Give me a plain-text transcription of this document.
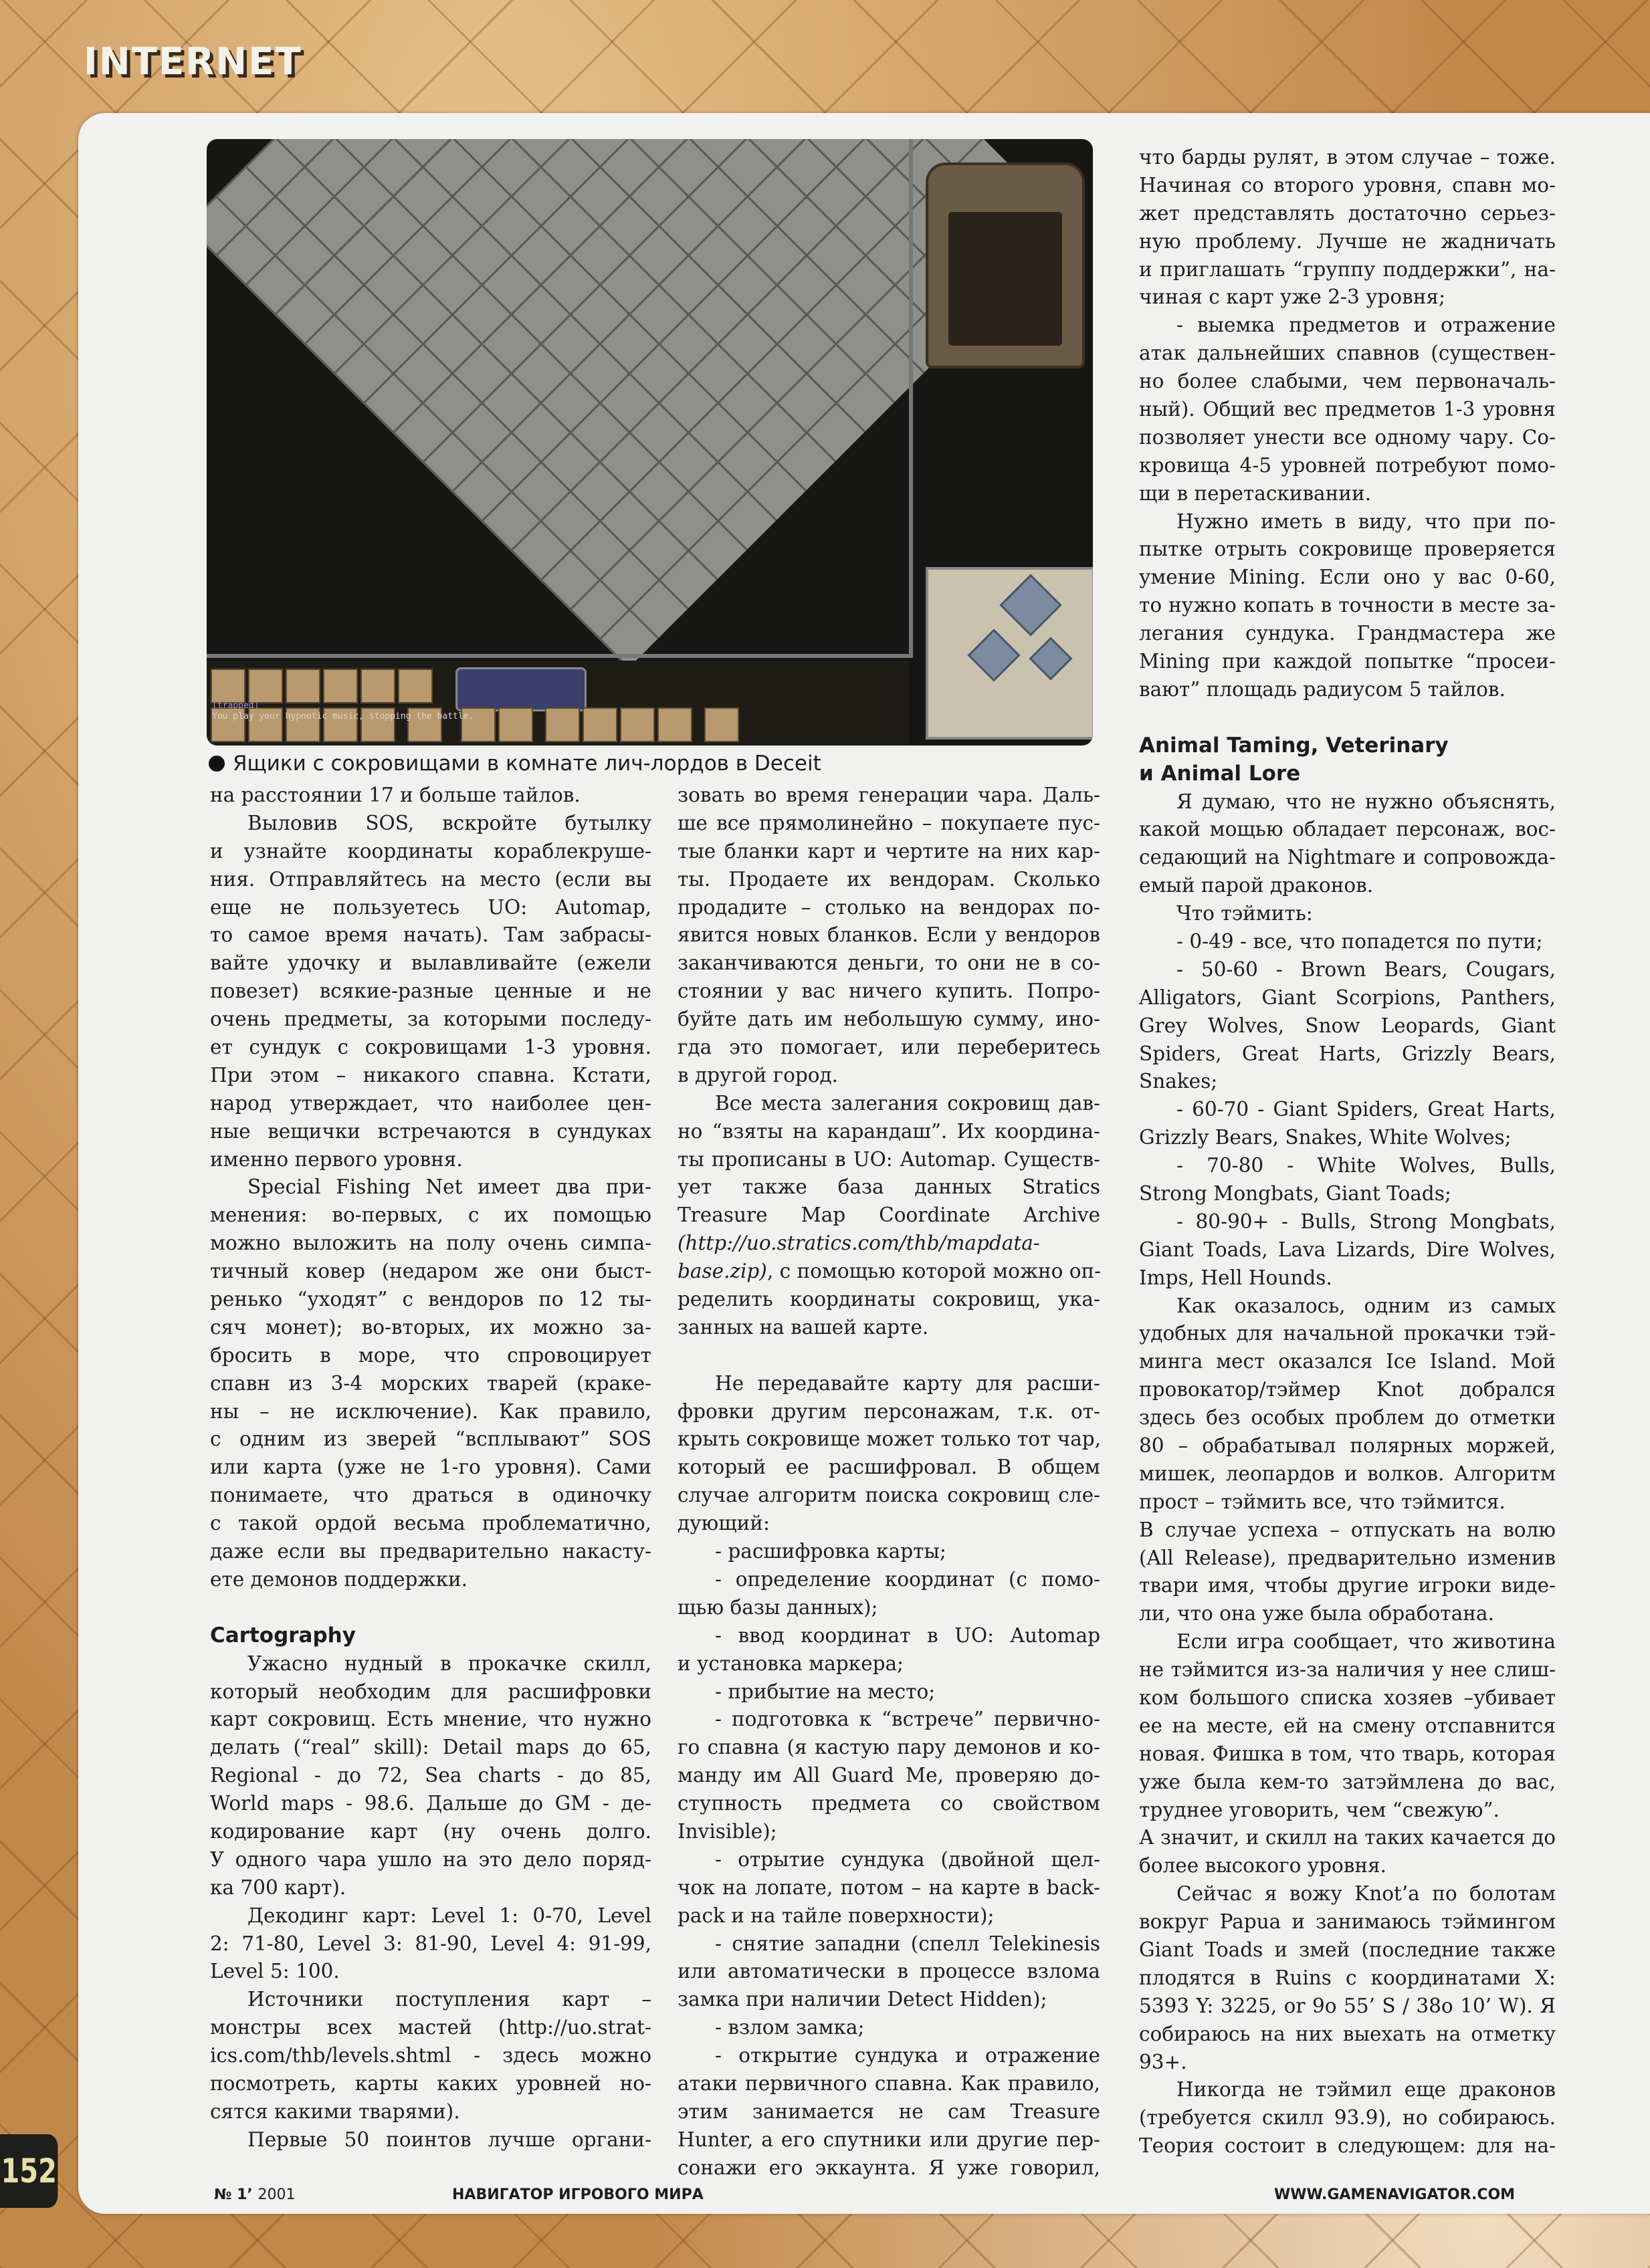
INTERNET
[trapped]
You play your hypnotic music, stopping the battle.
Ящики с сокровищами в комнате лич-лордов в Deceit
на расстоянии 17 и больше тайлов.
Выловив SOS, вскройте бутылку
и узнайте координаты кораблекруше-
ния. Отправляйтесь на место (если вы
еще не пользуетесь UO: Automap,
то самое время начать). Там забрасы-
вайте удочку и вылавливайте (ежели
повезет) всякие-разные ценные и не
очень предметы, за которыми последу-
ет сундук с сокровищами 1-3 уровня.
При этом – никакого спавна. Кстати,
народ утверждает, что наиболее цен-
ные вещички встречаются в сундуках
именно первого уровня.
Special Fishing Net имеет два при-
менения: во-первых, с их помощью
можно выложить на полу очень симпа-
тичный ковер (недаром же они быст-
ренько “уходят” с вендоров по 12 ты-
сяч монет); во-вторых, их можно за-
бросить в море, что спровоцирует
спавн из 3-4 морских тварей (краке-
ны – не исключение). Как правило,
с одним из зверей “всплывают” SOS
или карта (уже не 1-го уровня). Сами
понимаете, что драться в одиночку
с такой ордой весьма проблематично,
даже если вы предварительно накасту-
ете демонов поддержки.
Cartography
Ужасно нудный в прокачке скилл,
который необходим для расшифровки
карт сокровищ. Есть мнение, что нужно
делать (“real” skill): Detail maps до 65,
Regional - до 72, Sea charts - до 85,
World maps - 98.6. Дальше до GM - де-
кодирование карт (ну очень долго.
У одного чара ушло на это дело поряд-
ка 700 карт).
Декодинг карт: Level 1: 0-70, Level
2: 71-80, Level 3: 81-90, Level 4: 91-99,
Level 5: 100.
Источники поступления карт –
монстры всех мастей (http://uo.strat-
ics.com/thb/levels.shtml - здесь можно
посмотреть, карты каких уровней но-
сятся какими тварями).
Первые 50 поинтов лучше органи-
зовать во время генерации чара. Даль-
ше все прямолинейно – покупаете пус-
тые бланки карт и чертите на них кар-
ты. Продаете их вендорам. Сколько
продадите – столько на вендорах по-
явится новых бланков. Если у вендоров
заканчиваются деньги, то они не в со-
стоянии у вас ничего купить. Попро-
буйте дать им небольшую сумму, ино-
гда это помогает, или переберитесь
в другой город.
Все места залегания сокровищ дав-
но “взяты на карандаш”. Их координа-
ты прописаны в UO: Automap. Существ-
ует также база данных Stratics
Treasure Map Coordinate Archive
(http://uo.stratics.com/thb/mapdata-
base.zip), с помощью которой можно оп-
ределить координаты сокровищ, ука-
занных на вашей карте.
Не передавайте карту для расши-
фровки другим персонажам, т.к. от-
крыть сокровище может только тот чар,
который ее расшифровал. В общем
случае алгоритм поиска сокровищ сле-
дующий:
- расшифровка карты;
- определение координат (с помо-
щью базы данных);
- ввод координат в UO: Automap
и установка маркера;
- прибытие на место;
- подготовка к “встрече” первично-
го спавна (я кастую пару демонов и ко-
манду им All Guard Me, проверяю до-
ступность предмета со свойством
Invisible);
- отрытие сундука (двойной щел-
чок на лопате, потом – на карте в back-
pack и на тайле поверхности);
- снятие западни (спелл Telekinesis
или автоматически в процессе взлома
замка при наличии Detect Hidden);
- взлом замка;
- открытие сундука и отражение
атаки первичного спавна. Как правило,
этим занимается не сам Treasure
Hunter, а его спутники или другие пер-
сонажи его эккаунта. Я уже говорил,
что барды рулят, в этом случае – тоже.
Начиная со второго уровня, спавн мо-
жет представлять достаточно серьез-
ную проблему. Лучше не жадничать
и приглашать “группу поддержки”, на-
чиная с карт уже 2-3 уровня;
- выемка предметов и отражение
атак дальнейших спавнов (существен-
но более слабыми, чем первоначаль-
ный). Общий вес предметов 1-3 уровня
позволяет унести все одному чару. Со-
кровища 4-5 уровней потребуют помо-
щи в перетаскивании.
Нужно иметь в виду, что при по-
пытке отрыть сокровище проверяется
умение Mining. Если оно у вас 0-60,
то нужно копать в точности в месте за-
легания сундука. Грандмастера же
Mining при каждой попытке “просеи-
вают” площадь радиусом 5 тайлов.
Animal Taming, Veterinary
и Animal Lore
Я думаю, что не нужно объяснять,
какой мощью обладает персонаж, вос-
седающий на Nightmare и сопровожда-
емый парой драконов.
Что тэймить:
- 0-49 - все, что попадется по пути;
- 50-60 - Brown Bears, Cougars,
Alligators, Giant Scorpions, Panthers,
Grey Wolves, Snow Leopards, Giant
Spiders, Great Harts, Grizzly Bears,
Snakes;
- 60-70 - Giant Spiders, Great Harts,
Grizzly Bears, Snakes, White Wolves;
- 70-80 - White Wolves, Bulls,
Strong Mongbats, Giant Toads;
- 80-90+ - Bulls, Strong Mongbats,
Giant Toads, Lava Lizards, Dire Wolves,
Imps, Hell Hounds.
Как оказалось, одним из самых
удобных для начальной прокачки тэй-
минга мест оказался Ice Island. Мой
провокатор/тэймер Knot добрался
здесь без особых проблем до отметки
80 – обрабатывал полярных моржей,
мишек, леопардов и волков. Алгоритм
прост – тэймить все, что тэймится.
В случае успеха – отпускать на волю
(All Release), предварительно изменив
твари имя, чтобы другие игроки виде-
ли, что она уже была обработана.
Если игра сообщает, что животина
не тэймится из-за наличия у нее слиш-
ком большого списка хозяев –убивает
ее на месте, ей на смену отспавнится
новая. Фишка в том, что тварь, которая
уже была кем-то затэймлена до вас,
труднее уговорить, чем “свежую”.
А значит, и скилл на таких качается до
более высокого уровня.
Сейчас я вожу Knot’a по болотам
вокруг Papua и занимаюсь тэймингом
Giant Toads и змей (последние также
плодятся в Ruins с координатами X:
5393 Y: 3225, or 9o 55’ S / 38o 10’ W). Я
собираюсь на них выехать на отметку
93+.
Никогда не тэймил еще драконов
(требуется скилл 93.9), но собираюсь.
Теория состоит в следующем: для на-
152
№ 1’ 2001	НАВИГАТОР ИГРОВОГО МИРА	WWW.GAMENAVIGATOR.COM
